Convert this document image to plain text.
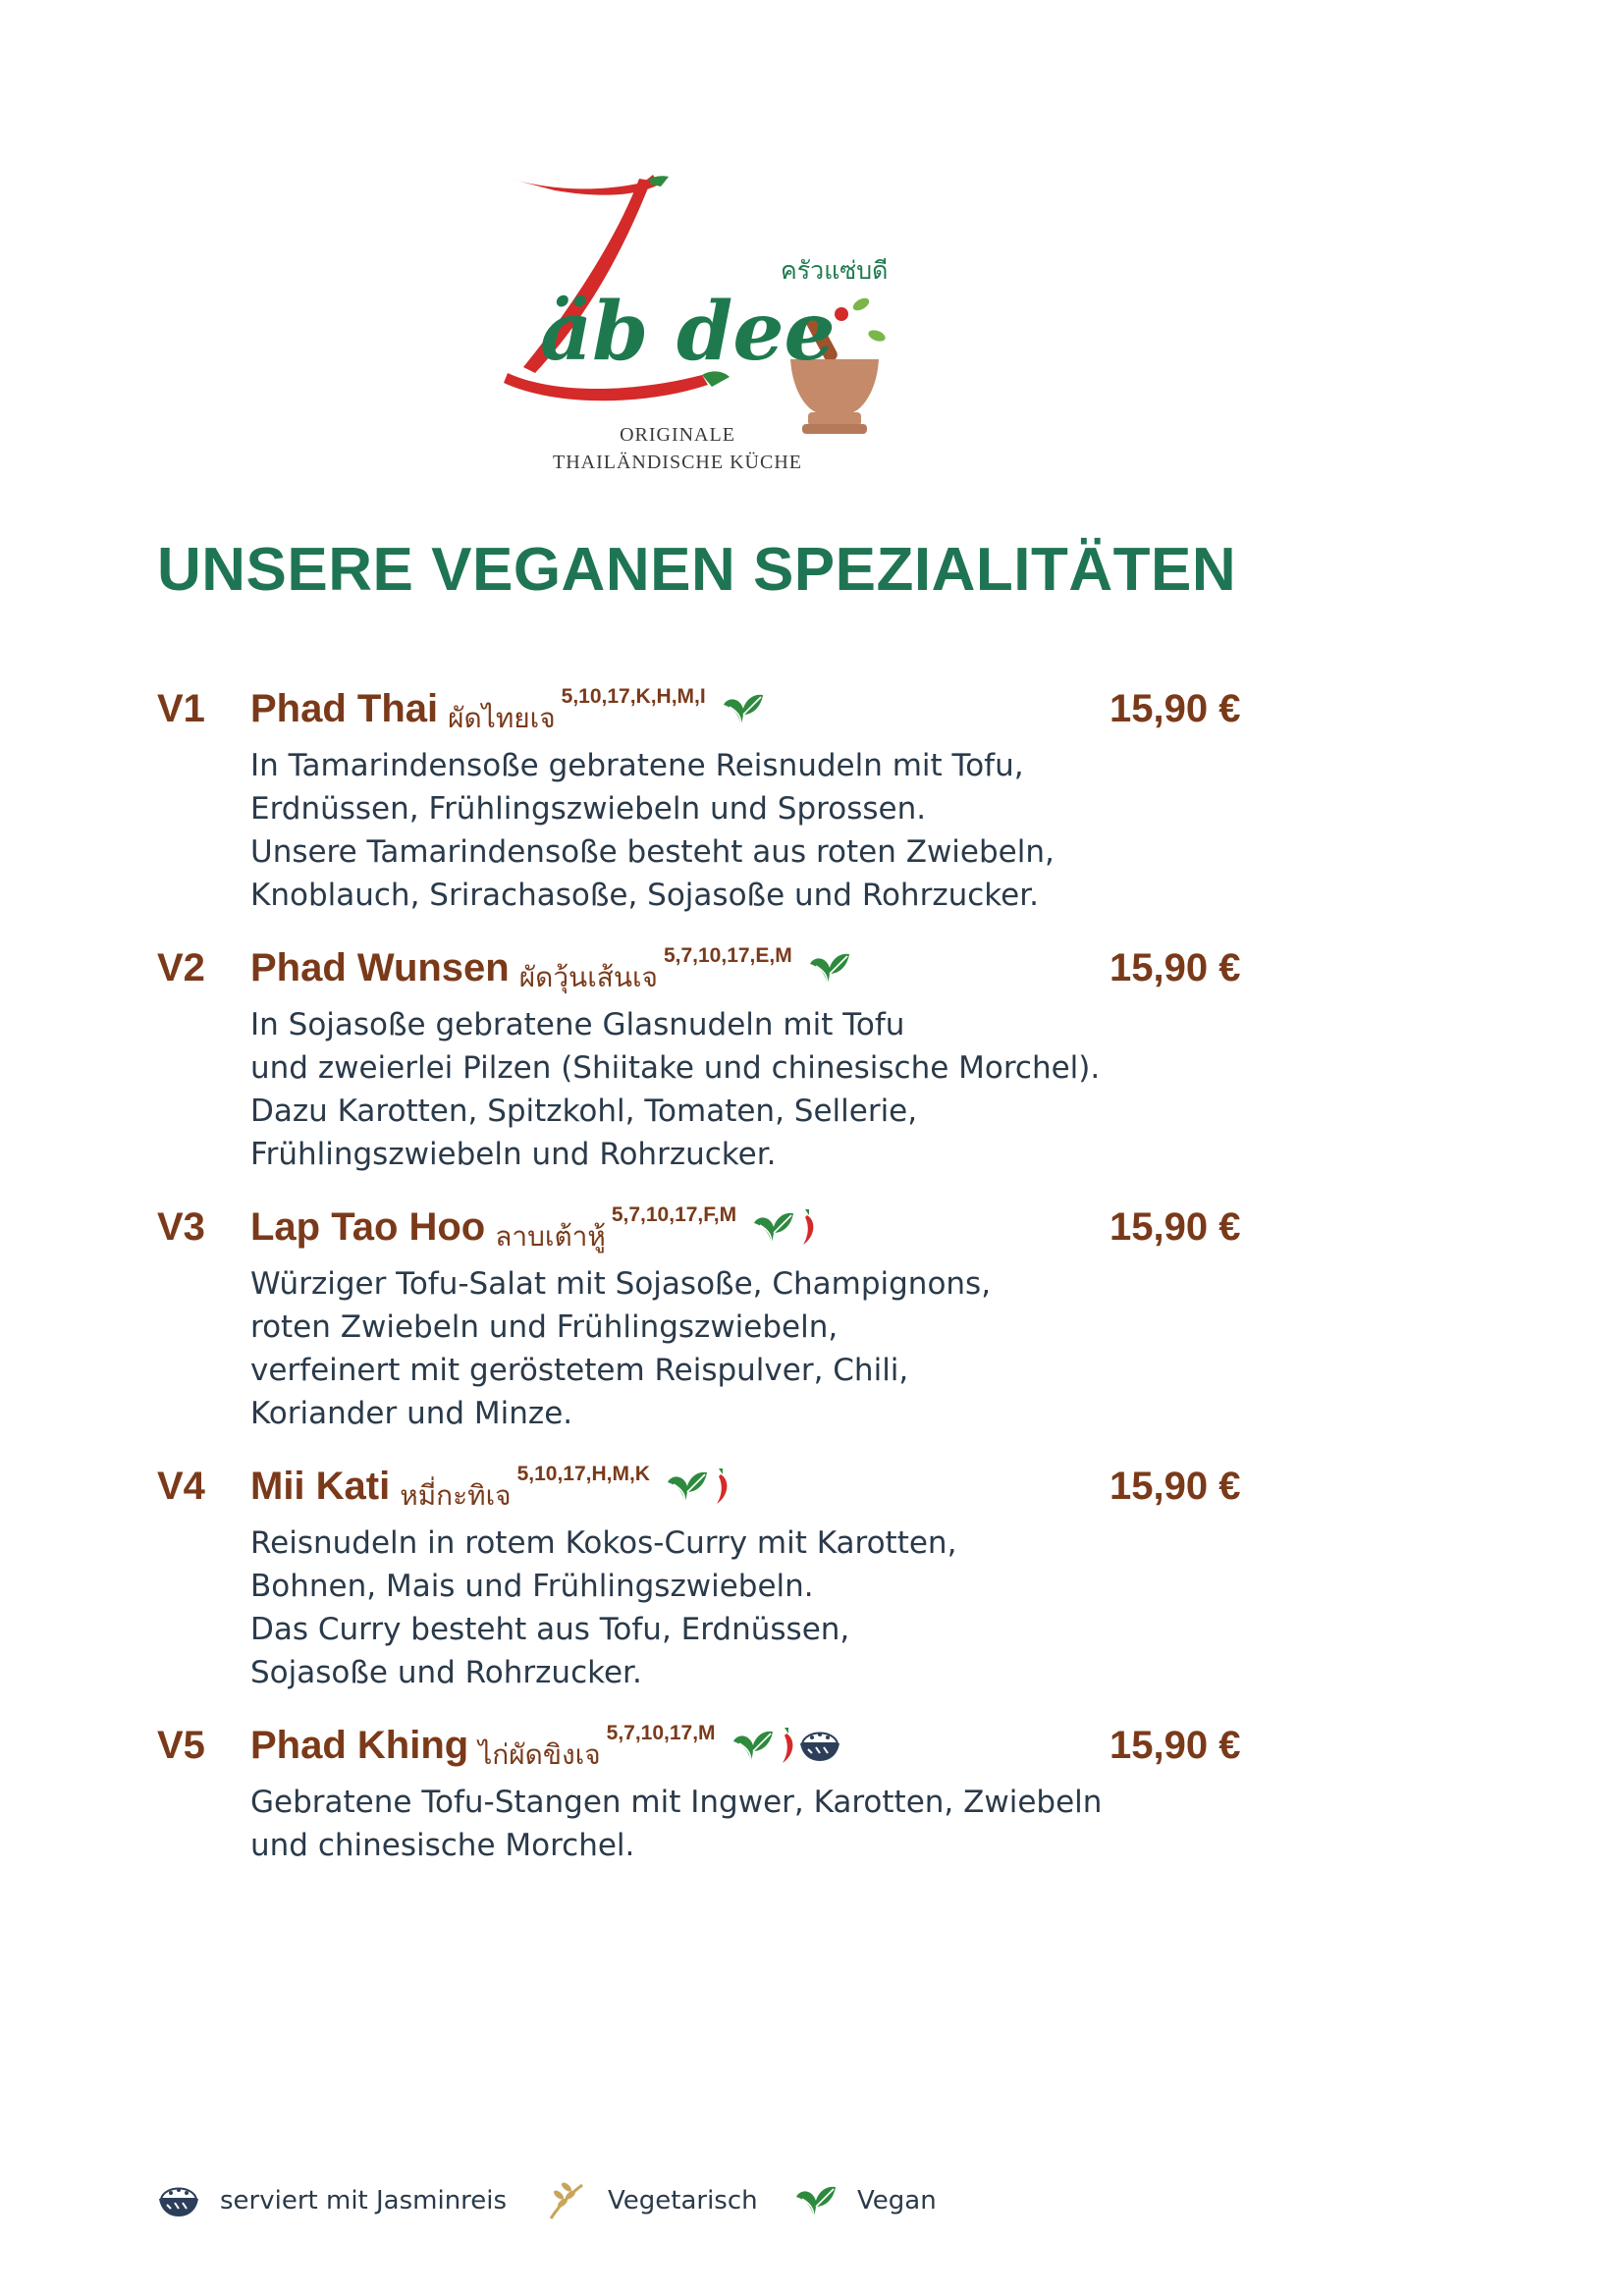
äb dee
ครัวแซ่บดี
ORIGINALE
THAILÄNDISCHE KÜCHE
UNSERE VEGANEN SPEZIALITÄTEN
V1 Phad Thai ผัดไทยเจ
5,10,17,K,H,M,I	15,90 €
In Tamarindensoße gebratene Reisnudeln mit Tofu,
Erdnüssen, Frühlingszwiebeln und Sprossen.
Unsere Tamarindensoße besteht aus roten Zwiebeln,
Knoblauch, Srirachasoße, Sojasoße und Rohrzucker.
V2 Phad Wunsen ผัดวุ้นเส้นเจ
5,7,10,17,E,M	15,90 €
In Sojasoße gebratene Glasnudeln mit Tofu
und zweierlei Pilzen (Shiitake und chinesische Morchel).
Dazu Karotten, Spitzkohl, Tomaten, Sellerie,
Frühlingszwiebeln und Rohrzucker.
V3 Lap Tao Hoo ลาบเต้าหู้
5,7,10,17,F,M	15,90 €
Würziger Tofu-Salat mit Sojasoße, Champignons,
roten Zwiebeln und Frühlingszwiebeln,
verfeinert mit geröstetem Reispulver, Chili,
Koriander und Minze.
V4 Mii Kati หมี่กะทิเจ
5,10,17,H,M,K	15,90 €
Reisnudeln in rotem Kokos-Curry mit Karotten,
Bohnen, Mais und Frühlingszwiebeln.
Das Curry besteht aus Tofu, Erdnüssen,
Sojasoße und Rohrzucker.
V5 Phad Khing ไก่ผัดขิงเจ
5,7,10,17,M	15,90 €
Gebratene Tofu-Stangen mit Ingwer, Karotten, Zwiebeln
und chinesische Morchel.
serviert mit Jasminreis	Vegetarisch	Vegan
